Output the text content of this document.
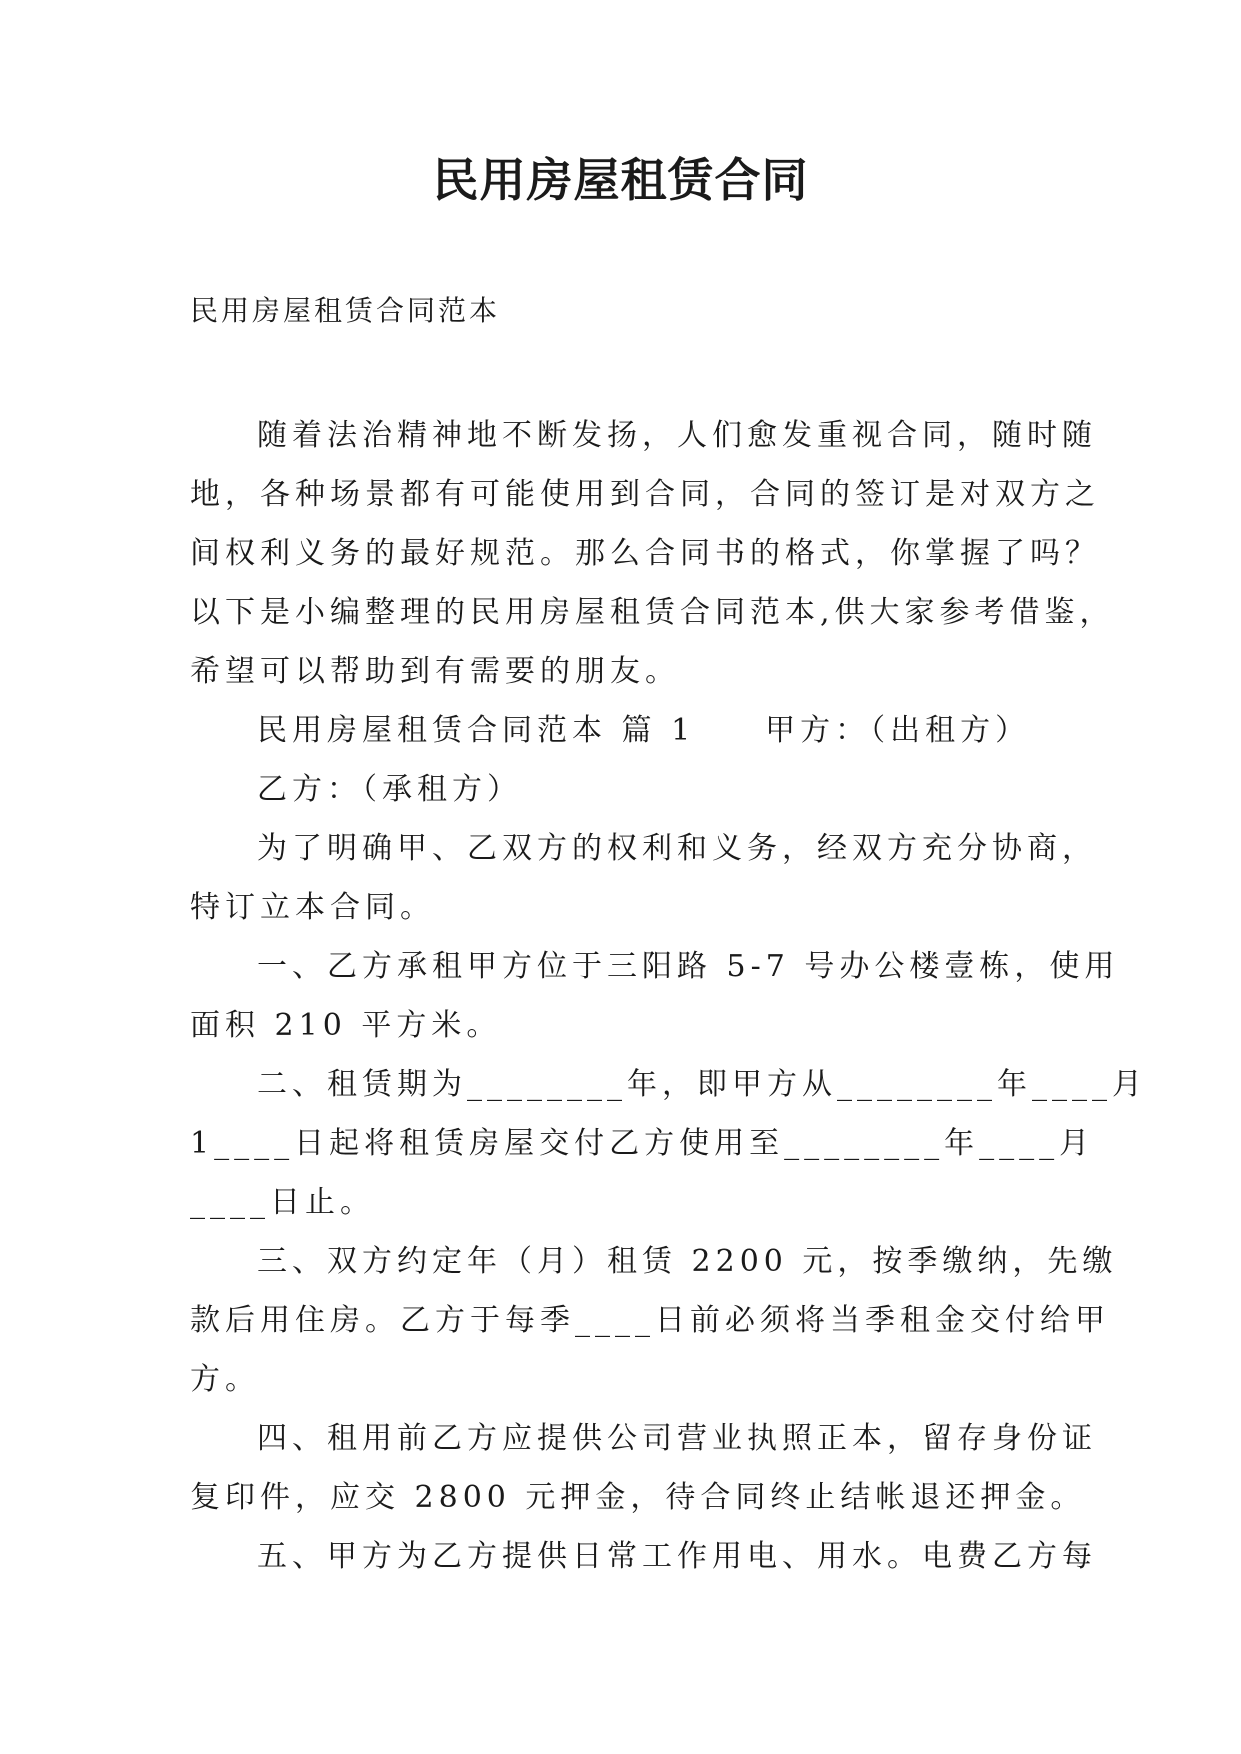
民用房屋租赁合同

民用房屋租赁合同范本

随着法治精神地不断发扬，人们愈发重视合同，随时随

地，各种场景都有可能使用到合同，合同的签订是对双方之

间权利义务的最好规范。那么合同书的格式，你掌握了吗？

以下是小编整理的民用房屋租赁合同范本,供大家参考借鉴，

希望可以帮助到有需要的朋友。

民用房屋租赁合同范本 篇 1 甲方：（出租方）

乙方：（承租方）

为了明确甲、乙双方的权利和义务，经双方充分协商，

特订立本合同。

一、乙方承租甲方位于三阳路 5-7 号办公楼壹栋，使用

面积 210 平方米。

二、租赁期为________年，即甲方从________年____月

1____日起将租赁房屋交付乙方使用至________年____月

____日止。

三、双方约定年（月）租赁 2200 元，按季缴纳，先缴

款后用住房。乙方于每季____日前必须将当季租金交付给甲

方。

四、租用前乙方应提供公司营业执照正本，留存身份证

复印件，应交 2800 元押金，待合同终止结帐退还押金。

五、甲方为乙方提供日常工作用电、用水。电费乙方每
